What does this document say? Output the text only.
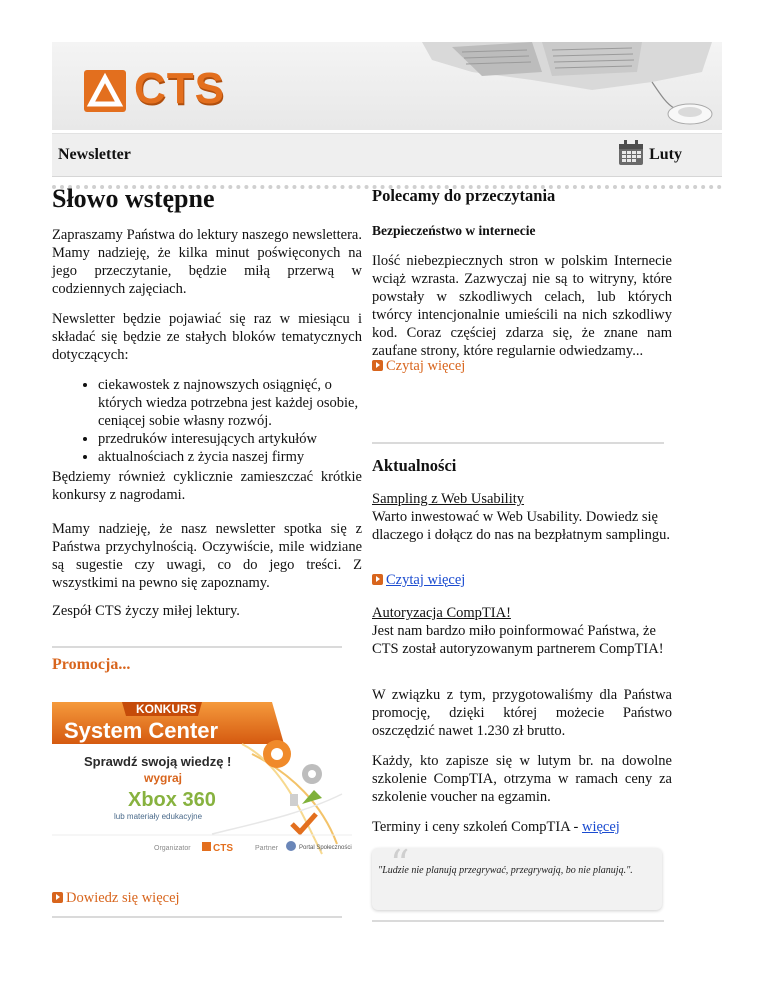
CTS
Newsletter	Luty
Słowo wstępne
Zapraszamy Państwa do lektury naszego newslettera. Mamy nadzieję, że kilka minut poświęconych na jego przeczytanie, będzie miłą przerwą w codziennych zajęciach.
Newsletter będzie pojawiać się raz w miesiącu i składać się będzie ze stałych bloków tematycznych dotyczących:
• ciekawostek z najnowszych osiągnięć, o których wiedza potrzebna jest każdej osobie, ceniącej sobie własny rozwój.
• przedruków interesujących artykułów
• aktualnościach z życia naszej firmy
Będziemy również cyklicznie zamieszczać krótkie konkursy z nagrodami.
Mamy nadzieję, że nasz newsletter spotka się z Państwa przychylnością. Oczywiście, mile widziane są sugestie czy uwagi, co do jego treści. Z wszystkimi na pewno się zapoznamy.
Zespół CTS życzy miłej lektury.
Promocja...
KONKURS
System Center
Sprawdź swoją wiedzę !
wygraj
Xbox 360
lub materiały edukacyjne
Organizator CTS	Partner	Portal Społeczności
Dowiedz się więcej
Polecamy do przeczytania
Bezpieczeństwo w internecie
Ilość niebezpiecznych stron w polskim Internecie wciąż wzrasta. Zazwyczaj nie są to witryny, które powstały w szkodliwych celach, lub których twórcy intencjonalnie umieścili na nich szkodliwy kod. Coraz częściej zdarza się, że znane nam zaufane strony, które regularnie odwiedzamy...
Czytaj więcej
Aktualności
Sampling z Web Usability
Warto inwestować w Web Usability. Dowiedz się dlaczego i dołącz do nas na bezpłatnym samplingu.
Czytaj więcej
Autoryzacja CompTIA!
Jest nam bardzo miło poinformować Państwa, że CTS został autoryzowanym partnerem CompTIA!
W związku z tym, przygotowaliśmy dla Państwa promocję, dzięki której możecie Państwo oszczędzić nawet 1.230 zł brutto.
Każdy, kto zapisze się w lutym br. na dowolne szkolenie CompTIA, otrzyma w ramach ceny za szkolenie voucher na egzamin.
Terminy i ceny szkoleń CompTIA - więcej
“
"Ludzie nie planują przegrywać, przegrywają, bo nie planują.".
